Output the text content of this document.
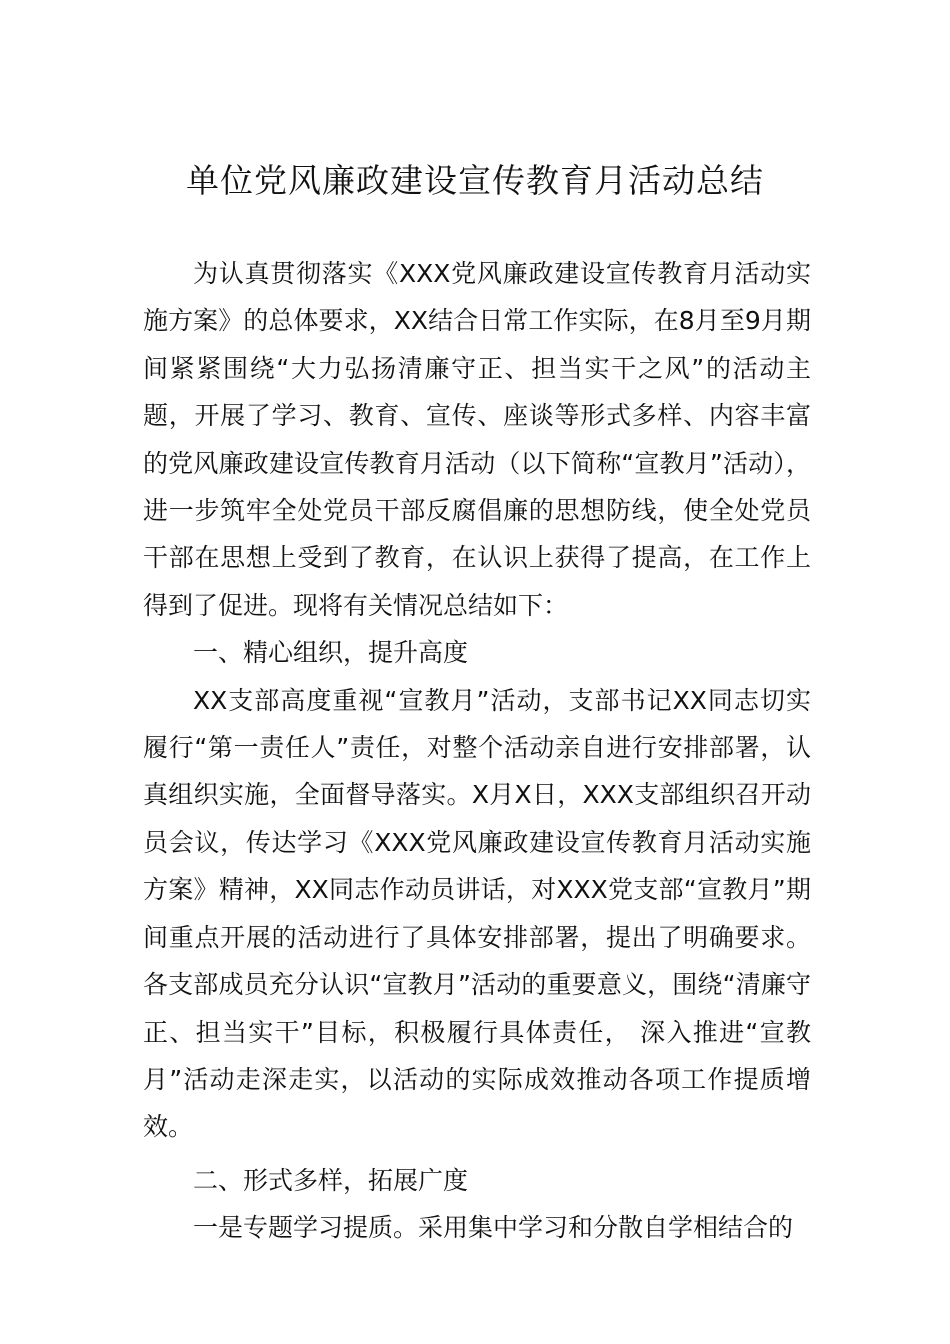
单位党风廉政建设宣传教育月活动总结

为认真贯彻落实《XXX党风廉政建设宣传教育月活动实施方案》的总体要求，XX结合日常工作实际，在8月至9月期间紧紧围绕“大力弘扬清廉守正、担当实干之风”的活动主题，开展了学习、教育、宣传、座谈等形式多样、内容丰富的党风廉政建设宣传教育月活动（以下简称“宣教月”活动），进一步筑牢全处党员干部反腐倡廉的思想防线，使全处党员干部在思想上受到了教育，在认识上获得了提高，在工作上得到了促进。现将有关情况总结如下：

一、精心组织，提升高度

XX支部高度重视“宣教月”活动，支部书记XX同志切实履行“第一责任人”责任，对整个活动亲自进行安排部署，认真组织实施，全面督导落实。X月X日，XXX支部组织召开动员会议，传达学习《XXX党风廉政建设宣传教育月活动实施方案》精神，XX同志作动员讲话，对XXX党支部“宣教月”期间重点开展的活动进行了具体安排部署，提出了明确要求。各支部成员充分认识“宣教月”活动的重要意义，围绕“清廉守正、担当实干”目标，积极履行具体责任， 深入推进“宣教月”活动走深走实，以活动的实际成效推动各项工作提质增效。

二、形式多样，拓展广度

一是专题学习提质。采用集中学习和分散自学相结合的
